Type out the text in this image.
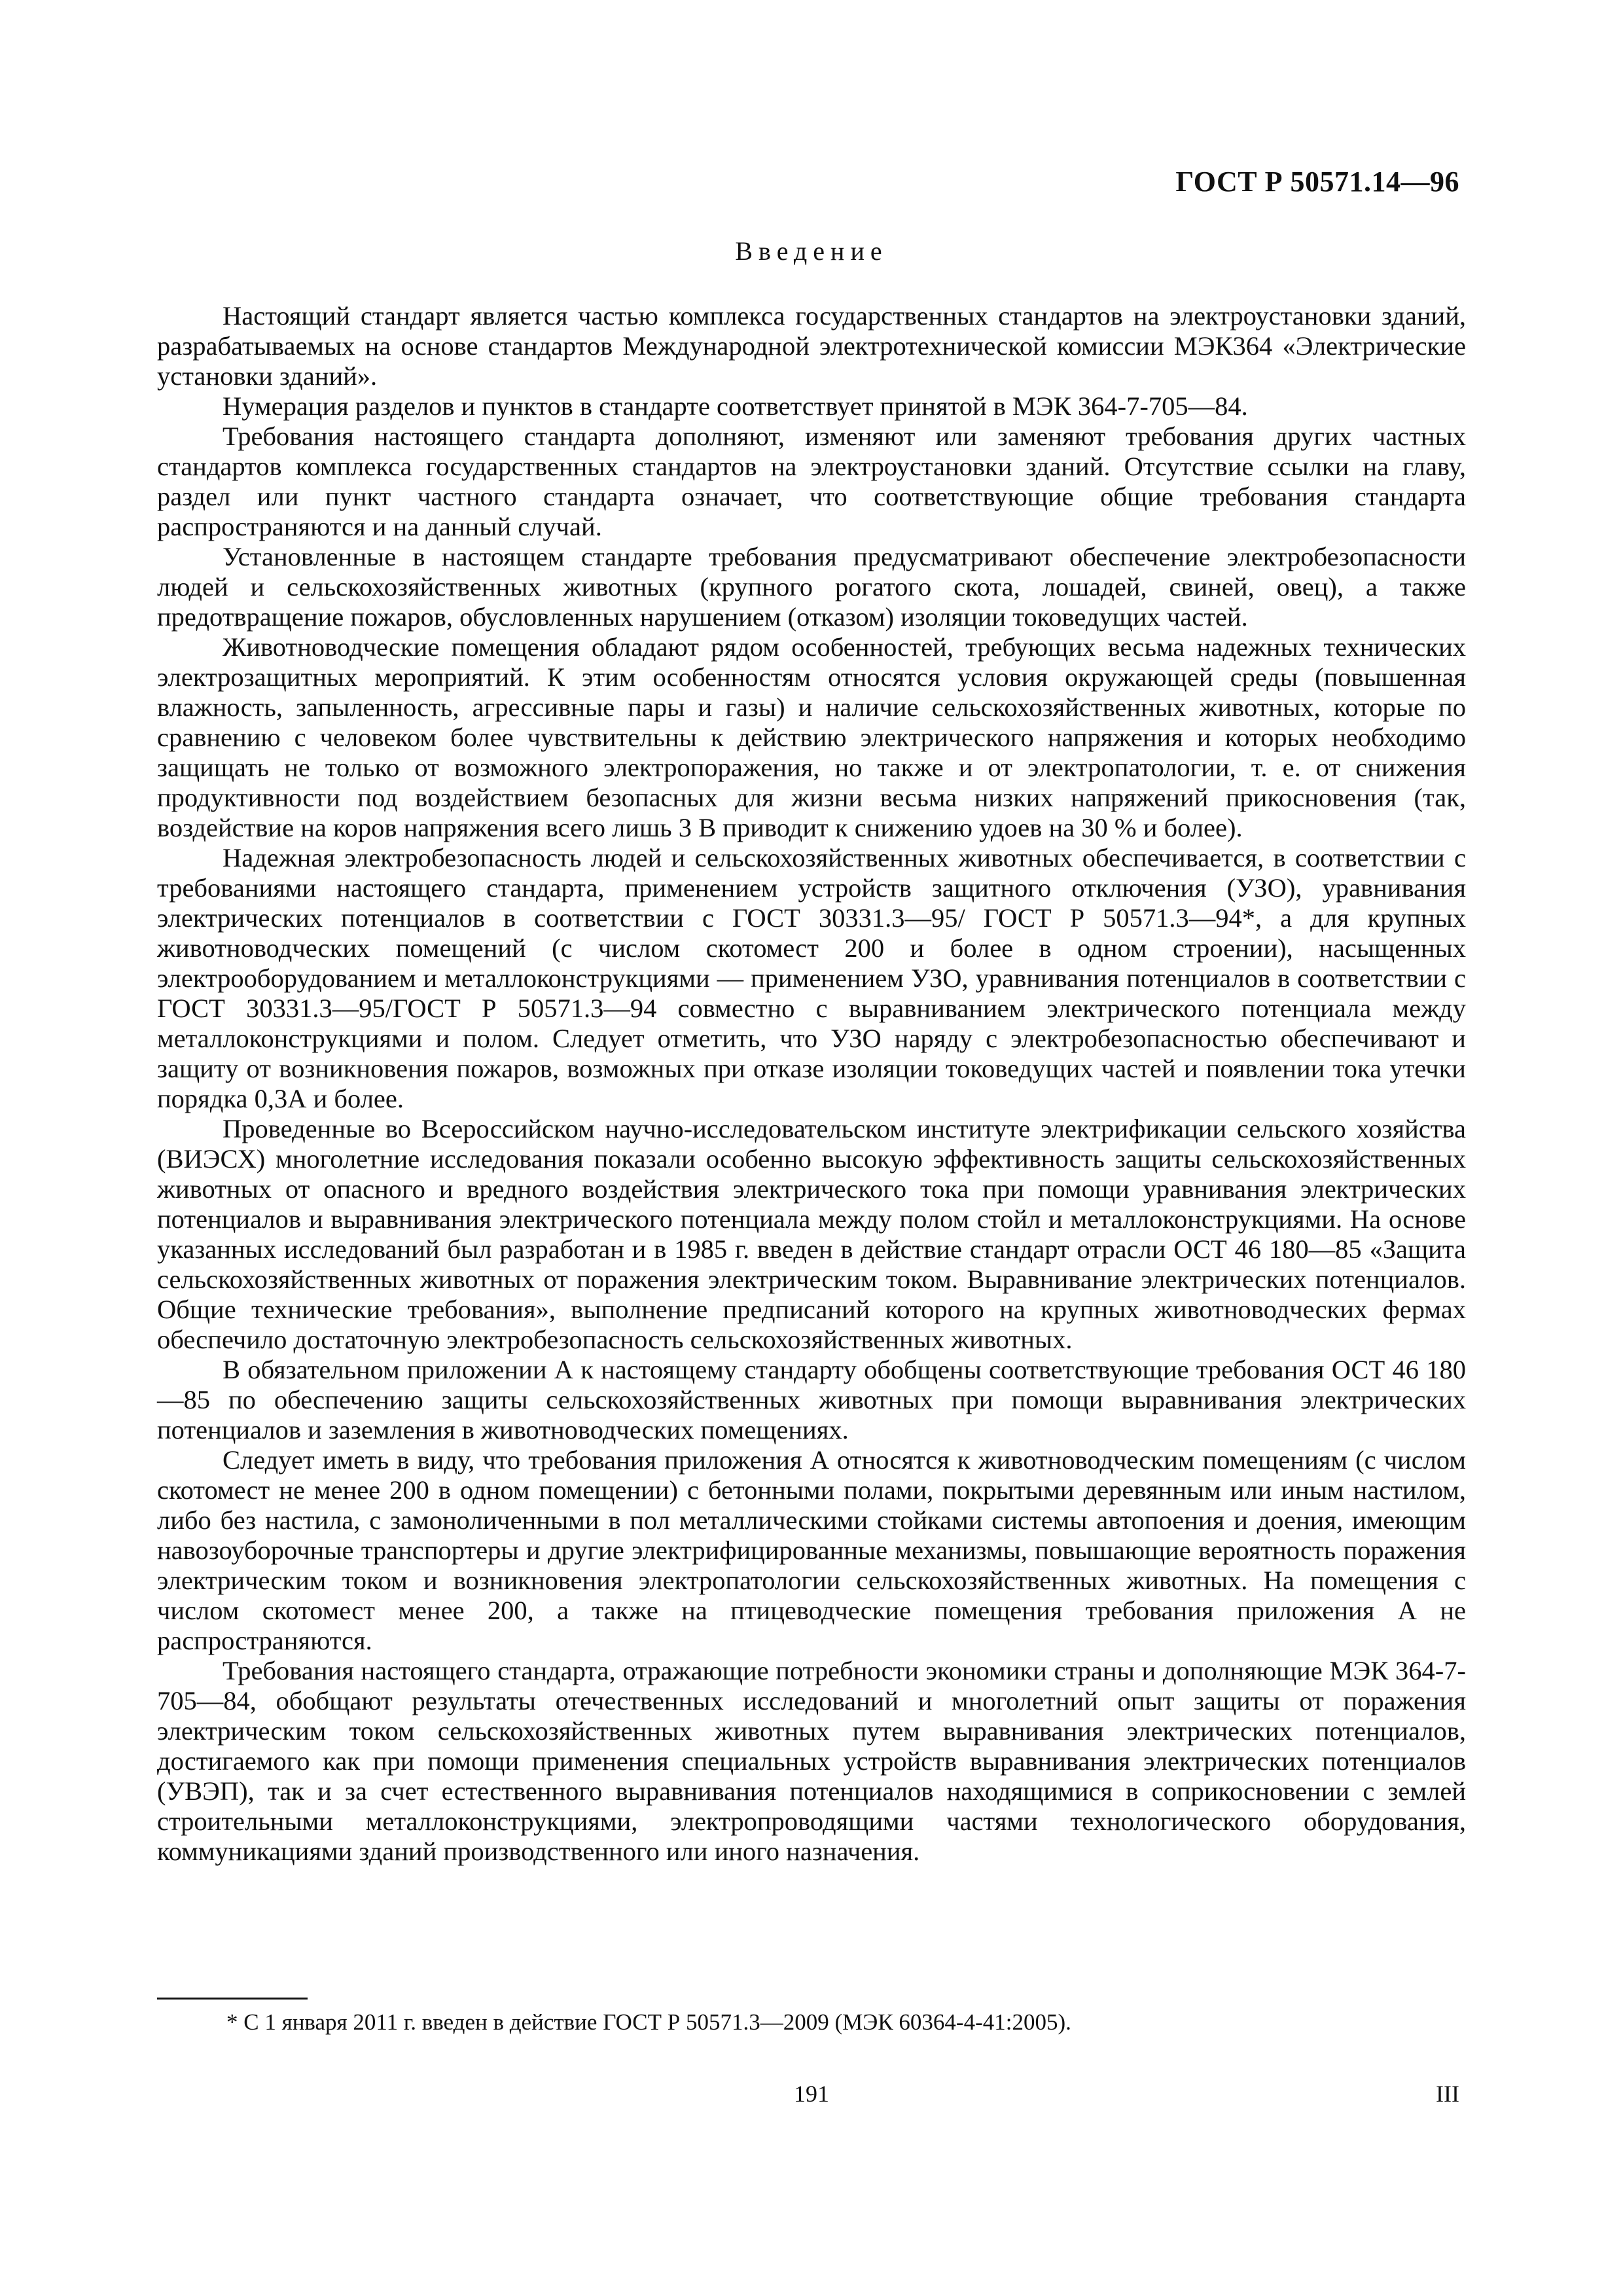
ГОСТ Р 50571.14—96
Введение

Настоящий стандарт является частью комплекса государственных стандартов на электроустановки зданий, разрабатываемых на основе стандартов Международной электротехнической комиссии МЭК364 «Электрические установки зданий».

Нумерация разделов и пунктов в стандарте соответствует принятой в МЭК 364-7-705—84.

Требования настоящего стандарта дополняют, изменяют или заменяют требования других частных стандартов комплекса государственных стандартов на электроустановки зданий. Отсутствие ссылки на главу, раздел или пункт частного стандарта означает, что соответствующие общие требования стандарта распространяются и на данный случай.

Установленные в настоящем стандарте требования предусматривают обеспечение электробезопасности людей и сельскохозяйственных животных (крупного рогатого скота, лошадей, свиней, овец), а также предотвращение пожаров, обусловленных нарушением (отказом) изоляции токоведущих частей.

Животноводческие помещения обладают рядом особенностей, требующих весьма надежных технических электрозащитных мероприятий. К этим особенностям относятся условия окружающей среды (повышенная влажность, запыленность, агрессивные пары и газы) и наличие сельскохозяйственных животных, которые по сравнению с человеком более чувствительны к действию электрического напряжения и которых необходимо защищать не только от возможного электропоражения, но также и от электропатологии, т. е. от снижения продуктивности под воздействием безопасных для жизни весьма низких напряжений прикосновения (так, воздействие на коров напряжения всего лишь 3 В приводит к снижению удоев на 30 % и более).

Надежная электробезопасность людей и сельскохозяйственных животных обеспечивается, в соответствии с требованиями настоящего стандарта, применением устройств защитного отключения (УЗО), уравнивания электрических потенциалов в соответствии с ГОСТ 30331.3—95/ ГОСТ Р 50571.3—94*, а для крупных животноводческих помещений (с числом скотомест 200 и более в одном строении), насыщенных электрооборудованием и металлоконструкциями — применением УЗО, уравнивания потенциалов в соответствии с ГОСТ 30331.3—95/ГОСТ Р 50571.3—94 совместно с выравниванием электрического потенциала между металлоконструкциями и полом. Следует отметить, что УЗО наряду с электробезопасностью обеспечивают и защиту от возникновения пожаров, возможных при отказе изоляции токоведущих частей и появлении тока утечки порядка 0,3А и более.

Проведенные во Всероссийском научно-исследовательском институте электрификации сельского хозяйства (ВИЭСХ) многолетние исследования показали особенно высокую эффективность защиты сельскохозяйственных животных от опасного и вредного воздействия электрического тока при помощи уравнивания электрических потенциалов и выравнивания электрического потенциала между полом стойл и металлоконструкциями. На основе указанных исследований был разработан и в 1985 г. введен в действие стандарт отрасли ОСТ 46 180—85 «Защита сельскохозяйственных животных от поражения электрическим током. Выравнивание электрических потенциалов. Общие технические требования», выполнение предписаний которого на крупных животноводческих фермах обеспечило достаточную электробезопасность сельскохозяйственных животных.

В обязательном приложении А к настоящему стандарту обобщены соответствующие требования ОСТ 46 180—85 по обеспечению защиты сельскохозяйственных животных при помощи выравнивания электрических потенциалов и заземления в животноводческих помещениях.

Следует иметь в виду, что требования приложения А относятся к животноводческим помещениям (с числом скотомест не менее 200 в одном помещении) с бетонными полами, покрытыми деревянным или иным настилом, либо без настила, с замоноличенными в пол металлическими стойками системы автопоения и доения, имеющим навозоуборочные транспортеры и другие электрифицированные механизмы, повышающие вероятность поражения электрическим током и возникновения электропатологии сельскохозяйственных животных. На помещения с числом скотомест менее 200, а также на птицеводческие помещения требования приложения А не распространяются.

Требования настоящего стандарта, отражающие потребности экономики страны и дополняющие МЭК 364-7-705—84, обобщают результаты отечественных исследований и многолетний опыт защиты от поражения электрическим током сельскохозяйственных животных путем выравнивания электрических потенциалов, достигаемого как при помощи применения специальных устройств выравнивания электрических потенциалов (УВЭП), так и за счет естественного выравнивания потенциалов находящимися в соприкосновении с землей строительными металлоконструкциями, электропроводящими частями технологического оборудования, коммуникациями зданий производственного или иного назначения.

* С 1 января 2011 г. введен в действие ГОСТ Р 50571.3—2009 (МЭК 60364-4-41:2005).
191	III
